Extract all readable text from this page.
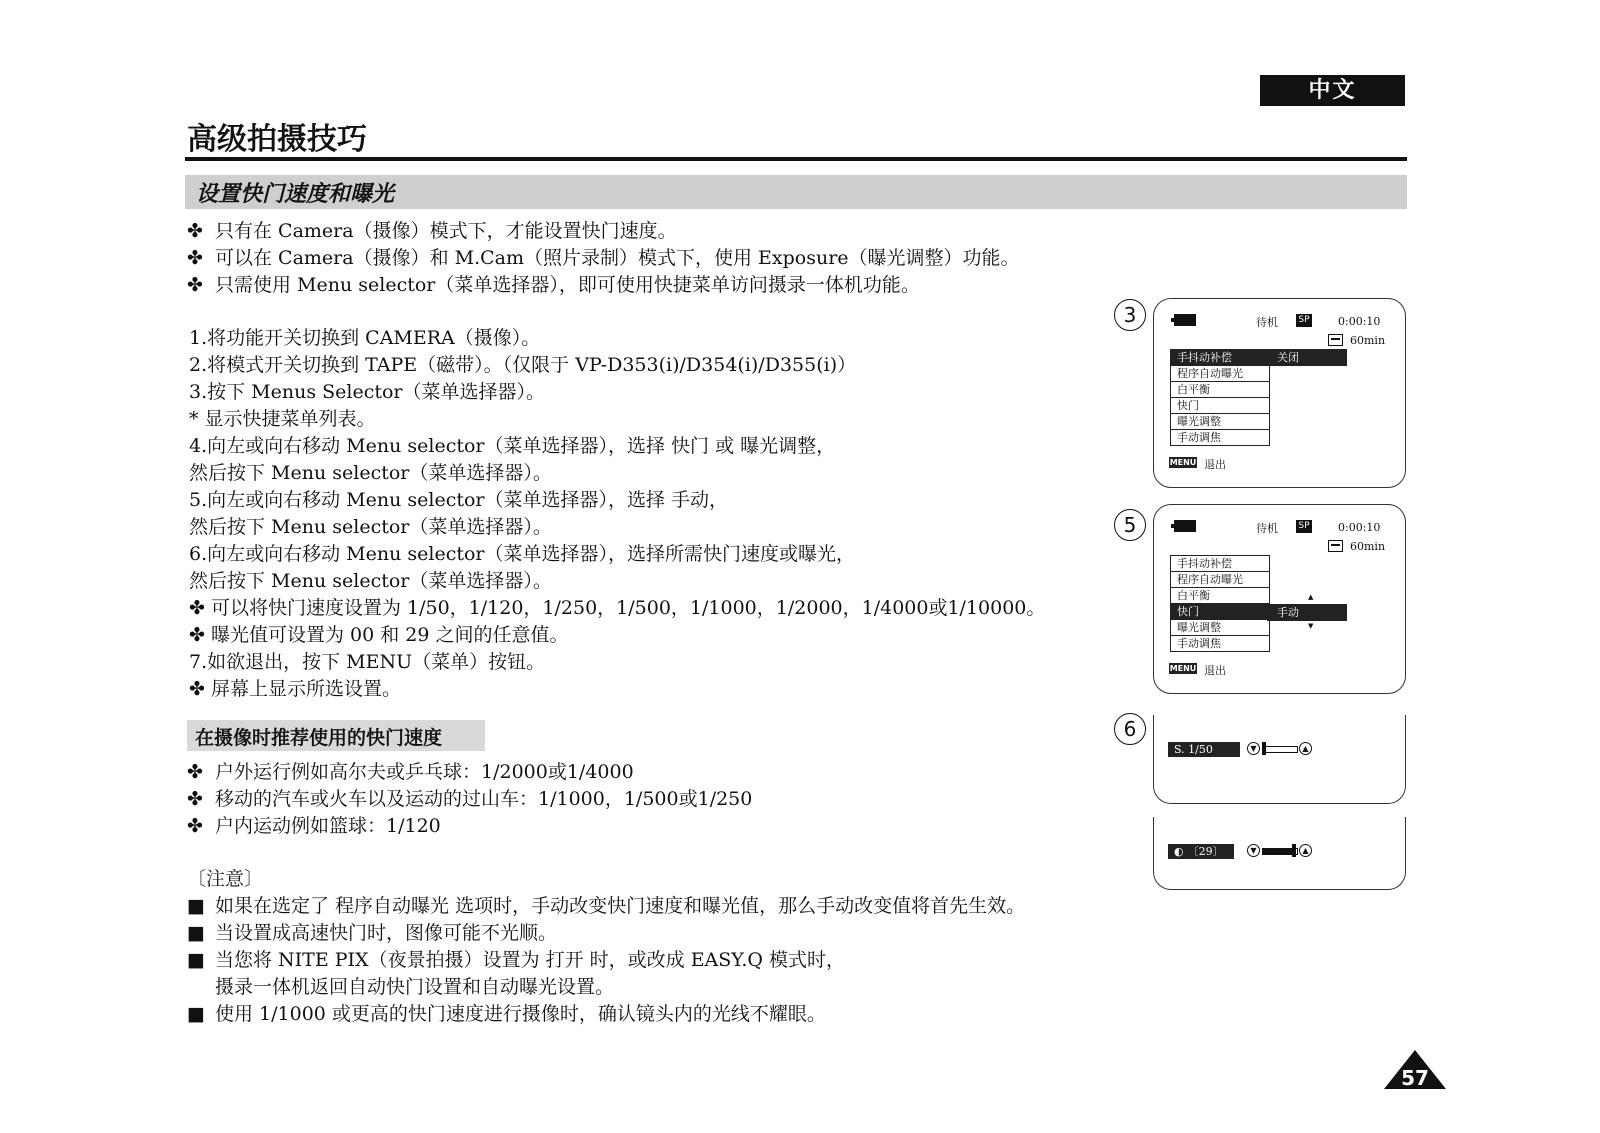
中文
高级拍摄技巧
设置快门速度和曝光
✤ 只有在 Camera（摄像）模式下，才能设置快门速度。
✤ 可以在 Camera（摄像）和 M.Cam（照片录制）模式下，使用 Exposure（曝光调整）功能。
✤ 只需使用 Menu selector（菜单选择器），即可使用快捷菜单访问摄录一体机功能。
1.将功能开关切换到 CAMERA（摄像）。
2.将模式开关切换到 TAPE（磁带）。（仅限于 VP-D353(i)/D354(i)/D355(i)）
3.按下 Menus Selector（菜单选择器）。
* 显示快捷菜单列表。
4.向左或向右移动 Menu selector（菜单选择器），选择 快门 或 曝光调整，
然后按下 Menu selector（菜单选择器）。
5.向左或向右移动 Menu selector（菜单选择器），选择 手动，
然后按下 Menu selector（菜单选择器）。
6.向左或向右移动 Menu selector（菜单选择器），选择所需快门速度或曝光，
然后按下 Menu selector（菜单选择器）。
✤ 可以将快门速度设置为 1/50，1/120，1/250，1/500，1/1000，1/2000，1/4000或1/10000。
✤ 曝光值可设置为 00 和 29 之间的任意值。
7.如欲退出，按下 MENU（菜单）按钮。
✤ 屏幕上显示所选设置。
在摄像时推荐使用的快门速度
✤ 户外运行例如高尔夫或乒乓球：1/2000或1/4000
✤ 移动的汽车或火车以及运动的过山车：1/1000，1/500或1/250
✤ 户内运动例如篮球：1/120
〔注意〕
■ 如果在选定了 程序自动曝光 选项时，手动改变快门速度和曝光值，那么手动改变值将首先生效。
■ 当设置成高速快门时，图像可能不光顺。
■ 当您将 NITE PIX（夜景拍摄）设置为 打开 时，或改成 EASY.Q 模式时，
摄录一体机返回自动快门设置和自动曝光设置。
■ 使用 1/1000 或更高的快门速度进行摄像时，确认镜头内的光线不耀眼。
3	待机 SP	0:00:10
60min
手抖动补偿
程序自动曝光
白平衡
快门
曝光调整
手动调焦
关闭
MENU 退出
5	待机 SP	0:00:10
60min
手抖动补偿
程序自动曝光
白平衡
快门
曝光调整
手动调焦
▲
手动
▼
MENU 退出
6
S. 1/50	▼	▲
◐ 〔29〕	▼	▲
57
